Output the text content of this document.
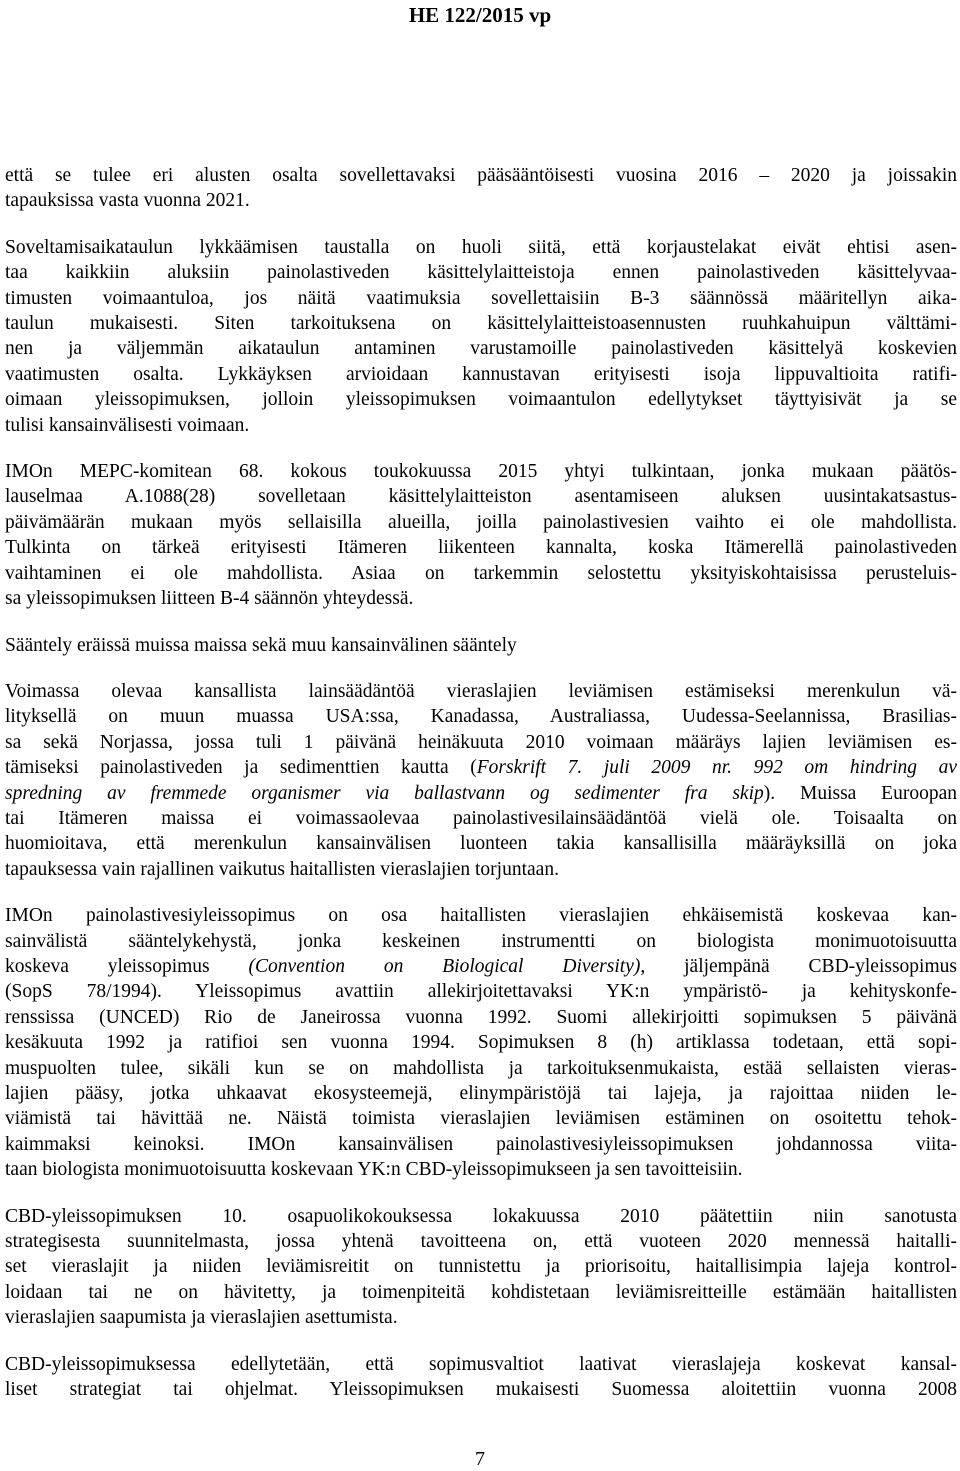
HE 122/2015 vp
että se tulee eri alusten osalta sovellettavaksi pääsääntöisesti vuosina 2016 – 2020 ja joissakin
tapauksissa vasta vuonna 2021.
Soveltamisaikataulun lykkäämisen taustalla on huoli siitä, että korjaustelakat eivät ehtisi asen-
taa kaikkiin aluksiin painolastiveden käsittelylaitteistoja ennen painolastiveden käsittelyvaa-
timusten voimaantuloa, jos näitä vaatimuksia sovellettaisiin B-3 säännössä määritellyn aika-
taulun mukaisesti. Siten tarkoituksena on käsittelylaitteistoasennusten ruuhkahuipun välttämi-
nen ja väljemmän aikataulun antaminen varustamoille painolastiveden käsittelyä koskevien
vaatimusten osalta. Lykkäyksen arvioidaan kannustavan erityisesti isoja lippuvaltioita ratifi-
oimaan yleissopimuksen, jolloin yleissopimuksen voimaantulon edellytykset täyttyisivät ja se
tulisi kansainvälisesti voimaan.
IMOn MEPC-komitean 68. kokous toukokuussa 2015 yhtyi tulkintaan, jonka mukaan päätös-
lauselmaa A.1088(28) sovelletaan käsittelylaitteiston asentamiseen aluksen uusintakatsastus-
päivämäärän mukaan myös sellaisilla alueilla, joilla painolastivesien vaihto ei ole mahdollista.
Tulkinta on tärkeä erityisesti Itämeren liikenteen kannalta, koska Itämerellä painolastiveden
vaihtaminen ei ole mahdollista. Asiaa on tarkemmin selostettu yksityiskohtaisissa perusteluis-
sa yleissopimuksen liitteen B-4 säännön yhteydessä.
Sääntely eräissä muissa maissa sekä muu kansainvälinen sääntely
Voimassa olevaa kansallista lainsäädäntöä vieraslajien leviämisen estämiseksi merenkulun vä-
lityksellä on muun muassa USA:ssa, Kanadassa, Australiassa, Uudessa-Seelannissa, Brasilias-
sa sekä Norjassa, jossa tuli 1 päivänä heinäkuuta 2010 voimaan määräys lajien leviämisen es-
tämiseksi painolastiveden ja sedimenttien kautta (Forskrift 7. juli 2009 nr. 992 om hindring av
spredning av fremmede organismer via ballastvann og sedimenter fra skip). Muissa Euroopan
tai Itämeren maissa ei voimassaolevaa painolastivesilainsäädäntöä vielä ole. Toisaalta on
huomioitava, että merenkulun kansainvälisen luonteen takia kansallisilla määräyksillä on joka
tapauksessa vain rajallinen vaikutus haitallisten vieraslajien torjuntaan.
IMOn painolastivesiyleissopimus on osa haitallisten vieraslajien ehkäisemistä koskevaa kan-
sainvälistä sääntelykehystä, jonka keskeinen instrumentti on biologista monimuotoisuutta
koskeva yleissopimus (Convention on Biological Diversity), jäljempänä CBD-yleissopimus
(SopS 78/1994). Yleissopimus avattiin allekirjoitettavaksi YK:n ympäristö- ja kehityskonfe-
renssissa (UNCED) Rio de Janeirossa vuonna 1992. Suomi allekirjoitti sopimuksen 5 päivänä
kesäkuuta 1992 ja ratifioi sen vuonna 1994. Sopimuksen 8 (h) artiklassa todetaan, että sopi-
muspuolten tulee, sikäli kun se on mahdollista ja tarkoituksenmukaista, estää sellaisten vieras-
lajien pääsy, jotka uhkaavat ekosysteemejä, elinympäristöjä tai lajeja, ja rajoittaa niiden le-
viämistä tai hävittää ne. Näistä toimista vieraslajien leviämisen estäminen on osoitettu tehok-
kaimmaksi keinoksi. IMOn kansainvälisen painolastivesiyleissopimuksen johdannossa viita-
taan biologista monimuotoisuutta koskevaan YK:n CBD-yleissopimukseen ja sen tavoitteisiin.
CBD-yleissopimuksen 10. osapuolikokouksessa lokakuussa 2010 päätettiin niin sanotusta
strategisesta suunnitelmasta, jossa yhtenä tavoitteena on, että vuoteen 2020 mennessä haitalli-
set vieraslajit ja niiden leviämisreitit on tunnistettu ja priorisoitu, haitallisimpia lajeja kontrol-
loidaan tai ne on hävitetty, ja toimenpiteitä kohdistetaan leviämisreitteille estämään haitallisten
vieraslajien saapumista ja vieraslajien asettumista.
CBD-yleissopimuksessa edellytetään, että sopimusvaltiot laativat vieraslajeja koskevat kansal-
liset strategiat tai ohjelmat. Yleissopimuksen mukaisesti Suomessa aloitettiin vuonna 2008
7
